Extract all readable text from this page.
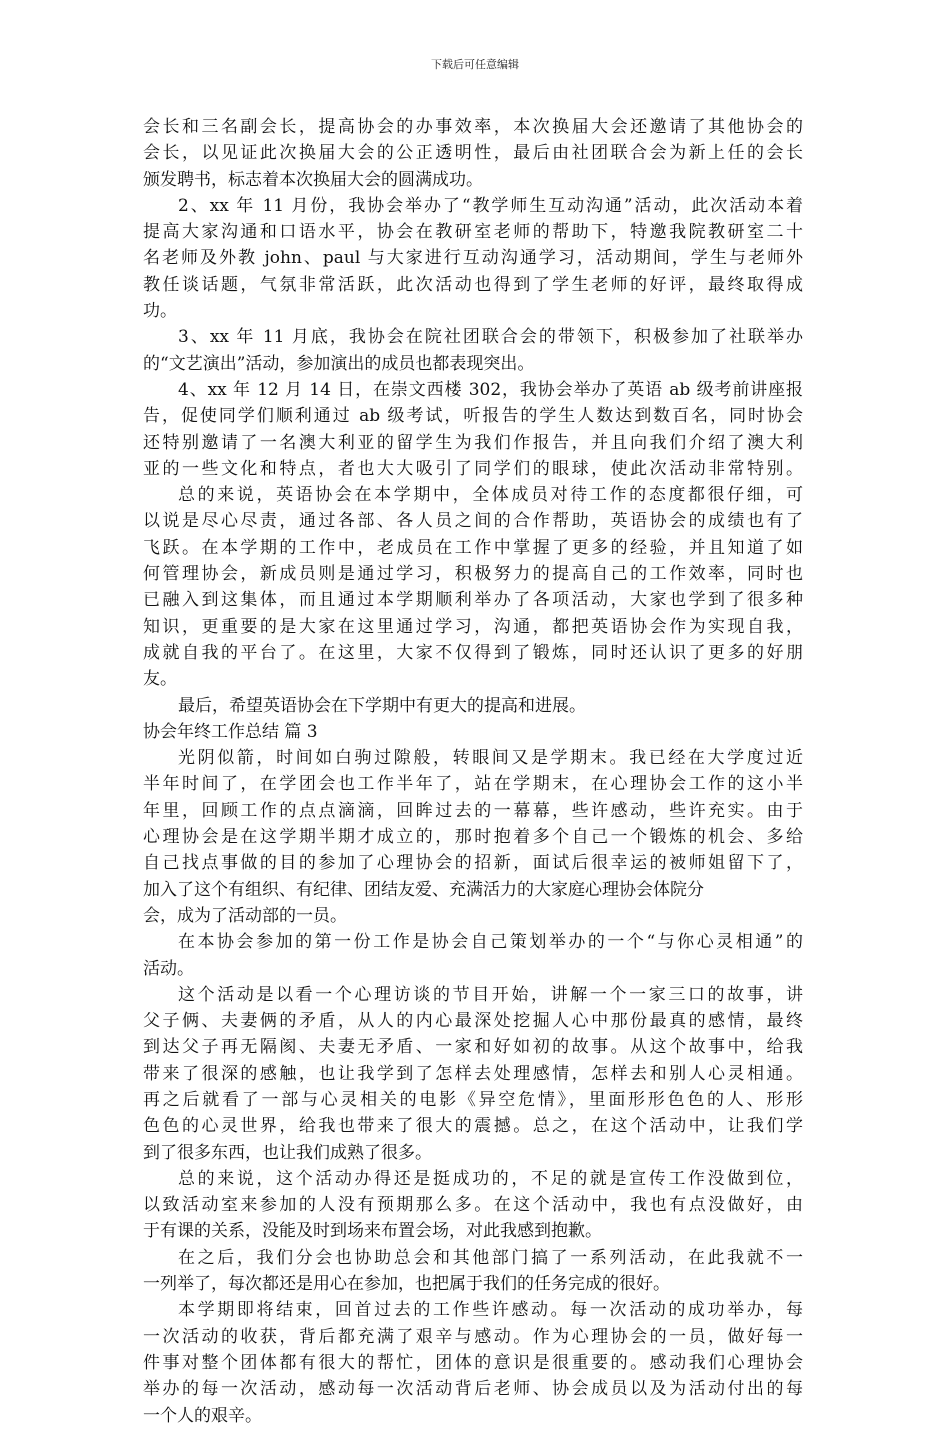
下载后可任意编辑
会长和三名副会长，提高协会的办事效率，本次换届大会还邀请了其他协会的
会长，以见证此次换届大会的公正透明性，最后由社团联合会为新上任的会长
颁发聘书，标志着本次换届大会的圆满成功。
2、xx 年 11 月份，我协会举办了“教学师生互动沟通”活动，此次活动本着
提高大家沟通和口语水平，协会在教研室老师的帮助下，特邀我院教研室二十
名老师及外教 john、paul 与大家进行互动沟通学习，活动期间，学生与老师外
教任谈话题，气氛非常活跃，此次活动也得到了学生老师的好评，最终取得成
功。
3、xx 年 11 月底，我协会在院社团联合会的带领下，积极参加了社联举办
的“文艺演出”活动，参加演出的成员也都表现突出。
4、xx 年 12 月 14 日，在崇文西楼 302，我协会举办了英语 ab 级考前讲座报
告，促使同学们顺利通过 ab 级考试，听报告的学生人数达到数百名，同时协会
还特别邀请了一名澳大利亚的留学生为我们作报告，并且向我们介绍了澳大利
亚的一些文化和特点，者也大大吸引了同学们的眼球，使此次活动非常特别。
总的来说，英语协会在本学期中，全体成员对待工作的态度都很仔细，可
以说是尽心尽责，通过各部、各人员之间的合作帮助，英语协会的成绩也有了
飞跃。在本学期的工作中，老成员在工作中掌握了更多的经验，并且知道了如
何管理协会，新成员则是通过学习，积极努力的提高自己的工作效率，同时也
已融入到这集体，而且通过本学期顺利举办了各项活动，大家也学到了很多种
知识，更重要的是大家在这里通过学习，沟通，都把英语协会作为实现自我，
成就自我的平台了。在这里，大家不仅得到了锻炼，同时还认识了更多的好朋
友。
最后，希望英语协会在下学期中有更大的提高和进展。
协会年终工作总结 篇 3
光阴似箭，时间如白驹过隙般，转眼间又是学期末。我已经在大学度过近
半年时间了，在学团会也工作半年了，站在学期末，在心理协会工作的这小半
年里，回顾工作的点点滴滴，回眸过去的一幕幕，些许感动，些许充实。由于
心理协会是在这学期半期才成立的，那时抱着多个自己一个锻炼的机会、多给
自己找点事做的目的参加了心理协会的招新，面试后很幸运的被师姐留下了，
加入了这个有组织、有纪律、团结友爱、充满活力的大家庭心理协会体院分
会，成为了活动部的一员。
在本协会参加的第一份工作是协会自己策划举办的一个“与你心灵相通”的
活动。
这个活动是以看一个心理访谈的节目开始，讲解一个一家三口的故事，讲
父子俩、夫妻俩的矛盾，从人的内心最深处挖掘人心中那份最真的感情，最终
到达父子再无隔阂、夫妻无矛盾、一家和好如初的故事。从这个故事中，给我
带来了很深的感触，也让我学到了怎样去处理感情，怎样去和别人心灵相通。
再之后就看了一部与心灵相关的电影《异空危情》，里面形形色色的人、形形
色色的心灵世界，给我也带来了很大的震撼。总之，在这个活动中，让我们学
到了很多东西，也让我们成熟了很多。
总的来说，这个活动办得还是挺成功的，不足的就是宣传工作没做到位，
以致活动室来参加的人没有预期那么多。在这个活动中，我也有点没做好，由
于有课的关系，没能及时到场来布置会场，对此我感到抱歉。
在之后，我们分会也协助总会和其他部门搞了一系列活动，在此我就不一
一列举了，每次都还是用心在参加，也把属于我们的任务完成的很好。
本学期即将结束，回首过去的工作些许感动。每一次活动的成功举办，每
一次活动的收获，背后都充满了艰辛与感动。作为心理协会的一员，做好每一
件事对整个团体都有很大的帮忙，团体的意识是很重要的。感动我们心理协会
举办的每一次活动，感动每一次活动背后老师、协会成员以及为活动付出的每
一个人的艰辛。
